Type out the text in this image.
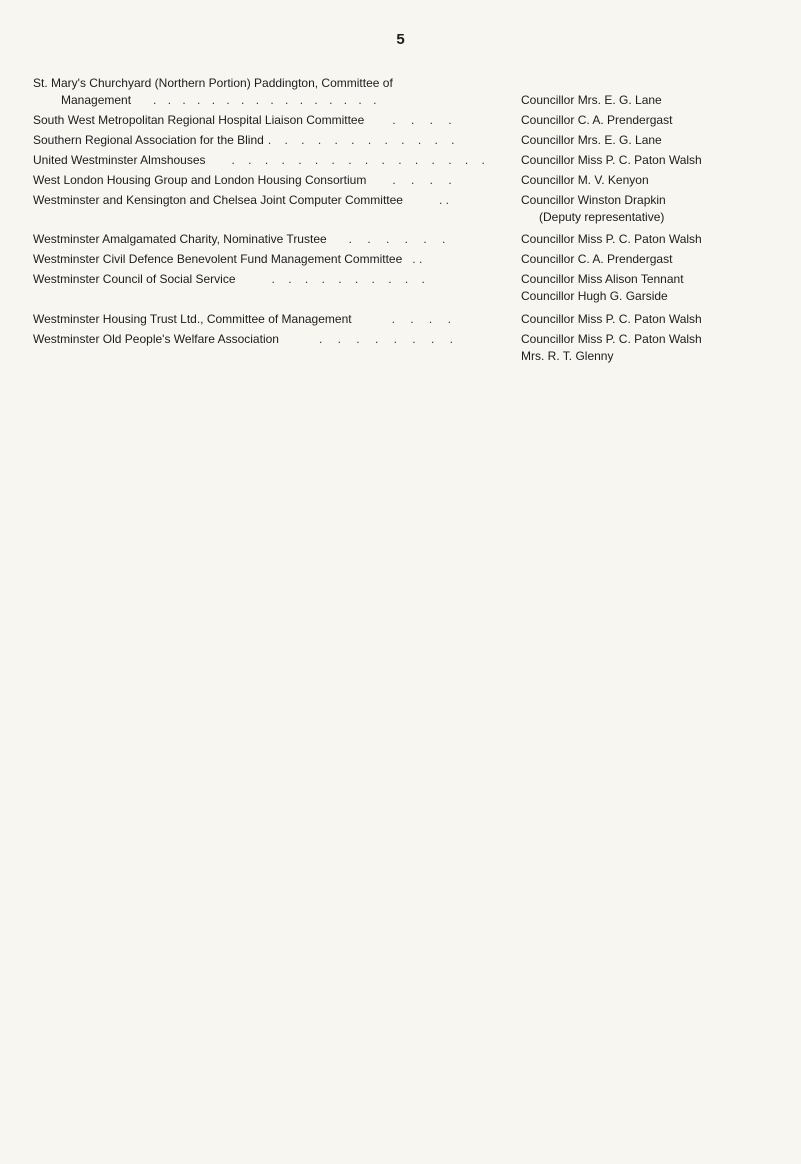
5
St. Mary's Churchyard (Northern Portion) Paddington, Committee of
Management . . . . . . . . . . . . . . . .	Councillor Mrs. E. G. Lane
South West Metropolitan Regional Hospital Liaison Committee . . . .	Councillor C. A. Prendergast
Southern Regional Association for the Blind . . . . . . . . . . . .	Councillor Mrs. E. G. Lane
United Westminster Almshouses . . . . . . . . . . . . . . . .	Councillor Miss P. C. Paton Walsh
West London Housing Group and London Housing Consortium . . . .	Councillor M. V. Kenyon
Westminster and Kensington and Chelsea Joint Computer Committee	. .	Councillor Winston Drapkin
(Deputy representative)
Westminster Amalgamated Charity, Nominative Trustee . . . . . .	Councillor Miss P. C. Paton Walsh
Westminster Civil Defence Benevolent Fund Management Committee . .	Councillor C. A. Prendergast
Westminster Council of Social Service	. . . . . . . . . .	Councillor Miss Alison Tennant
Councillor Hugh G. Garside
Westminster Housing Trust Ltd., Committee of Management	. . . .	Councillor Miss P. C. Paton Walsh
Westminster Old People's Welfare Association	. . . . . . . .	Councillor Miss P. C. Paton Walsh
Mrs. R. T. Glenny
